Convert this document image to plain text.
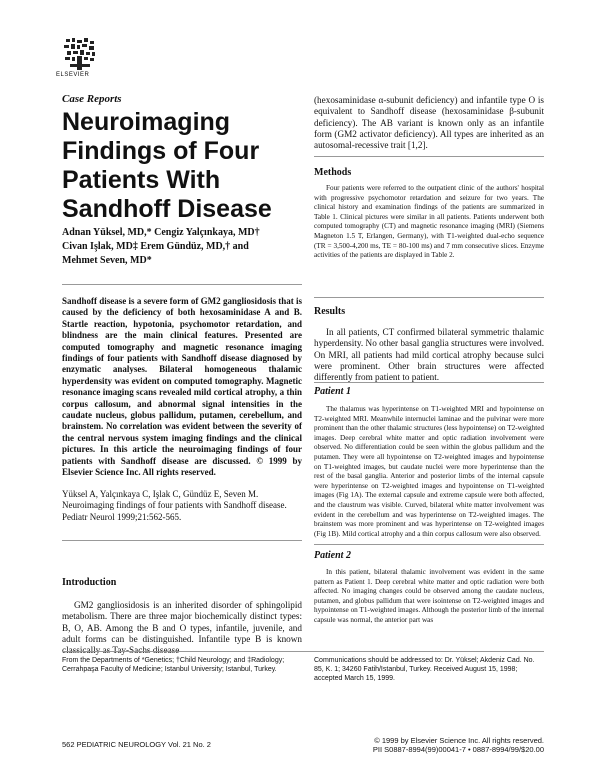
ELSEVIER
Case Reports
Neuroimaging
Findings of Four
Patients With
Sandhoff Disease
Adnan Yüksel, MD,* Cengiz Yalçınkaya, MD†
Civan Işlak, MD‡ Erem Gündüz, MD,† and
Mehmet Seven, MD*
Sandhoff disease is a severe form of GM2 gangliosidosis that is caused by the deficiency of both hexosaminidase A and B. Startle reaction, hypotonia, psychomotor retardation, and blindness are the main clinical features. Presented are computed tomography and magnetic resonance imaging findings of four patients with Sandhoff disease diagnosed by enzymatic analyses. Bilateral homogeneous thalamic hyperdensity was evident on computed tomography. Magnetic resonance imaging scans revealed mild cortical atrophy, a thin corpus callosum, and abnormal signal intensities in the caudate nucleus, globus pallidum, putamen, cerebellum, and brainstem. No correlation was evident between the severity of the central nervous system imaging findings and the clinical pictures. In this article the neuroimaging findings of four patients with Sandhoff disease are discussed. © 1999 by Elsevier Science Inc. All rights reserved.
Yüksel A, Yalçınkaya C, Işlak C, Gündüz E, Seven M. Neuroimaging findings of four patients with Sandhoff disease. Pediatr Neurol 1999;21:562-565.
Introduction
GM2 gangliosidosis is an inherited disorder of sphingolipid metabolism. There are three major biochemically distinct types: B, O, AB. Among the B and O types, infantile, juvenile, and adult forms can be distinguished. Infantile type B is known
(hexosaminidase α-subunit deficiency) and infantile type O is equivalent to Sandhoff disease (hexosaminidase β-subunit deficiency). The AB variant is known only as an infantile form (GM2 activator deficiency). All types are inherited as an autosomal-recessive trait [1,2].
Methods
Four patients were referred to the outpatient clinic of the authors' hospital with progressive psychomotor retardation and seizure for two years. The clinical history and examination findings of the patients are summarized in Table 1. Clinical pictures were similar in all patients. Patients underwent both computed tomography (CT) and magnetic resonance imaging (MRI) (Siemens Magneton 1.5 T, Erlangen, Germany), with T1-weighted dual-echo sequence (TR = 3,500-4,200 ms, TE = 80-100 ms) and 7 mm consecutive slices. Enzyme activities of the patients are displayed in Table 2.
Results
In all patients, CT confirmed bilateral symmetric thalamic hyperdensity. No other basal ganglia structures were involved. On MRI, all patients had mild cortical atrophy because sulci were prominent. Other brain structures were affected differently from patient to patient.
Patient 1
The thalamus was hyperintense on T1-weighted MRI and hypointense on T2-weighted MRI. Meanwhile internuclei laminae and the pulvinar were more prominent than the other thalamic structures (less hypointense) on T2-weighted images. Deep cerebral white matter and optic radiation involvement were observed. No differentiation could be seen within the globus pallidum and the putamen. They were all hypointense on T2-weighted images and hypointense on T1-weighted images, but caudate nuclei were more hyperintense than the rest of the basal ganglia. Anterior and posterior limbs of the internal capsule were hyperintense on T2-weighted images and hypointense on T1-weighted images (Fig 1A). The external capsule and extreme capsule were both affected, and the claustrum was visible. Curved, bilateral white matter involvement was evident in the cerebellum and was hyperintense on T2-weighted images. The brainstem was more prominent and was hyperintense on T2-weighted images (Fig 1B). Mild cortical atrophy and a thin corpus callosum were also observed.
Patient 2
In this patient, bilateral thalamic involvement was evident in the same pattern as Patient 1. Deep cerebral white matter and optic radiation were both affected. No imaging changes could be observed among the caudate nucleus, putamen, and globus pallidum that were isointense on T2-weighted images and hypointense on T1-weighted images. Although the posterior limb of the internal capsule was normal, the anterior part was
From the Departments of *Genetics; †Child Neurology; and ‡Radiology; Cerrahpaşa Faculty of Medicine; Istanbul University; Istanbul, Turkey.
Communications should be addressed to: Dr. Yüksel; Akdeniz Cad. No. 85, K. 1; 34260 Fatih/Istanbul, Turkey. Received August 15, 1998; accepted March 15, 1999.
562 PEDIATRIC NEUROLOGY Vol. 21 No. 2	© 1999 by Elsevier Science Inc. All rights reserved.
PII S0887-8994(99)00041-7 • 0887-8994/99/$20.00
